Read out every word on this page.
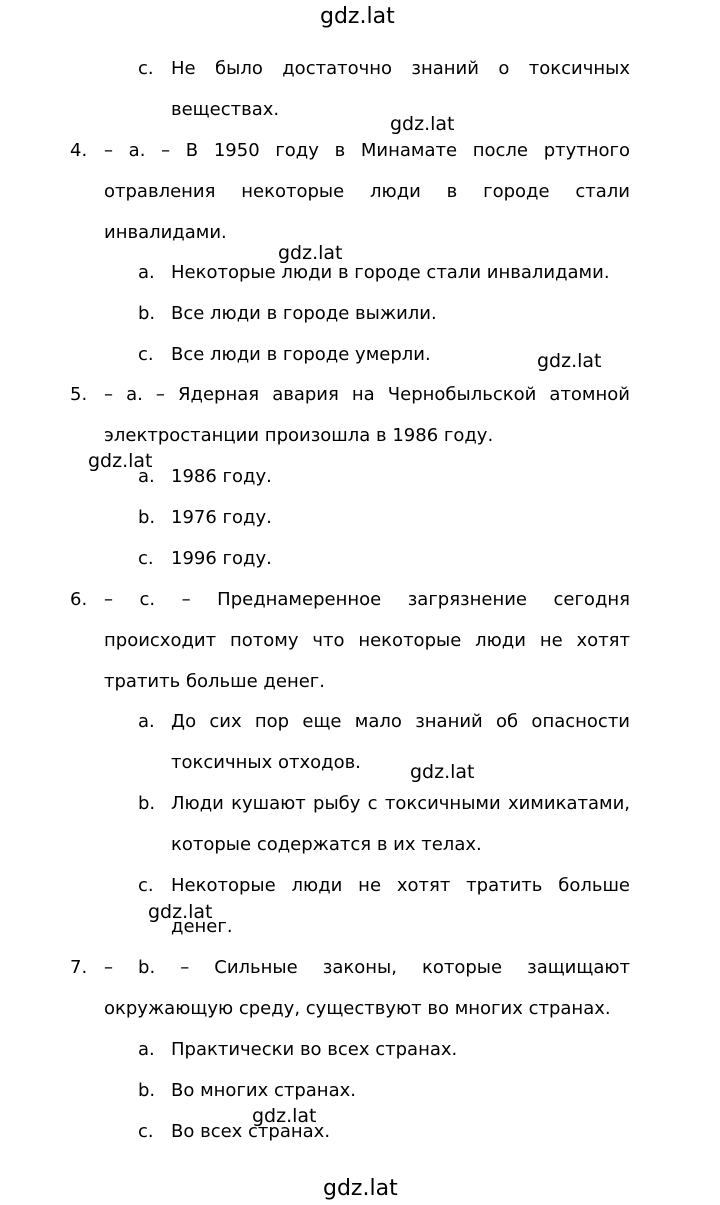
gdz.lat
gdz.lat
gdz.lat
gdz.lat
gdz.lat
gdz.lat
gdz.lat
gdz.lat
gdz.lat
c. Не было достаточно знаний о токсичных
веществах.
4. – a. – В 1950 году в Минамате после ртутного
отравления некоторые люди в городе стали
инвалидами.
a. Некоторые люди в городе стали инвалидами.
b. Все люди в городе выжили.
c. Все люди в городе умерли.
5. – a. – Ядерная авария на Чернобыльской атомной
электростанции произошла в 1986 году.
a. 1986 году.
b. 1976 году.
c. 1996 году.
6. – c. – Преднамеренное загрязнение сегодня
происходит потому что некоторые люди не хотят
тратить больше денег.
a. До сих пор еще мало знаний об опасности
токсичных отходов.
b. Люди кушают рыбу с токсичными химикатами,
которые содержатся в их телах.
c. Некоторые люди не хотят тратить больше
денег.
7. – b. – Сильные законы, которые защищают
окружающую среду, существуют во многих странах.
a. Практически во всех странах.
b. Во многих странах.
c. Во всех странах.
